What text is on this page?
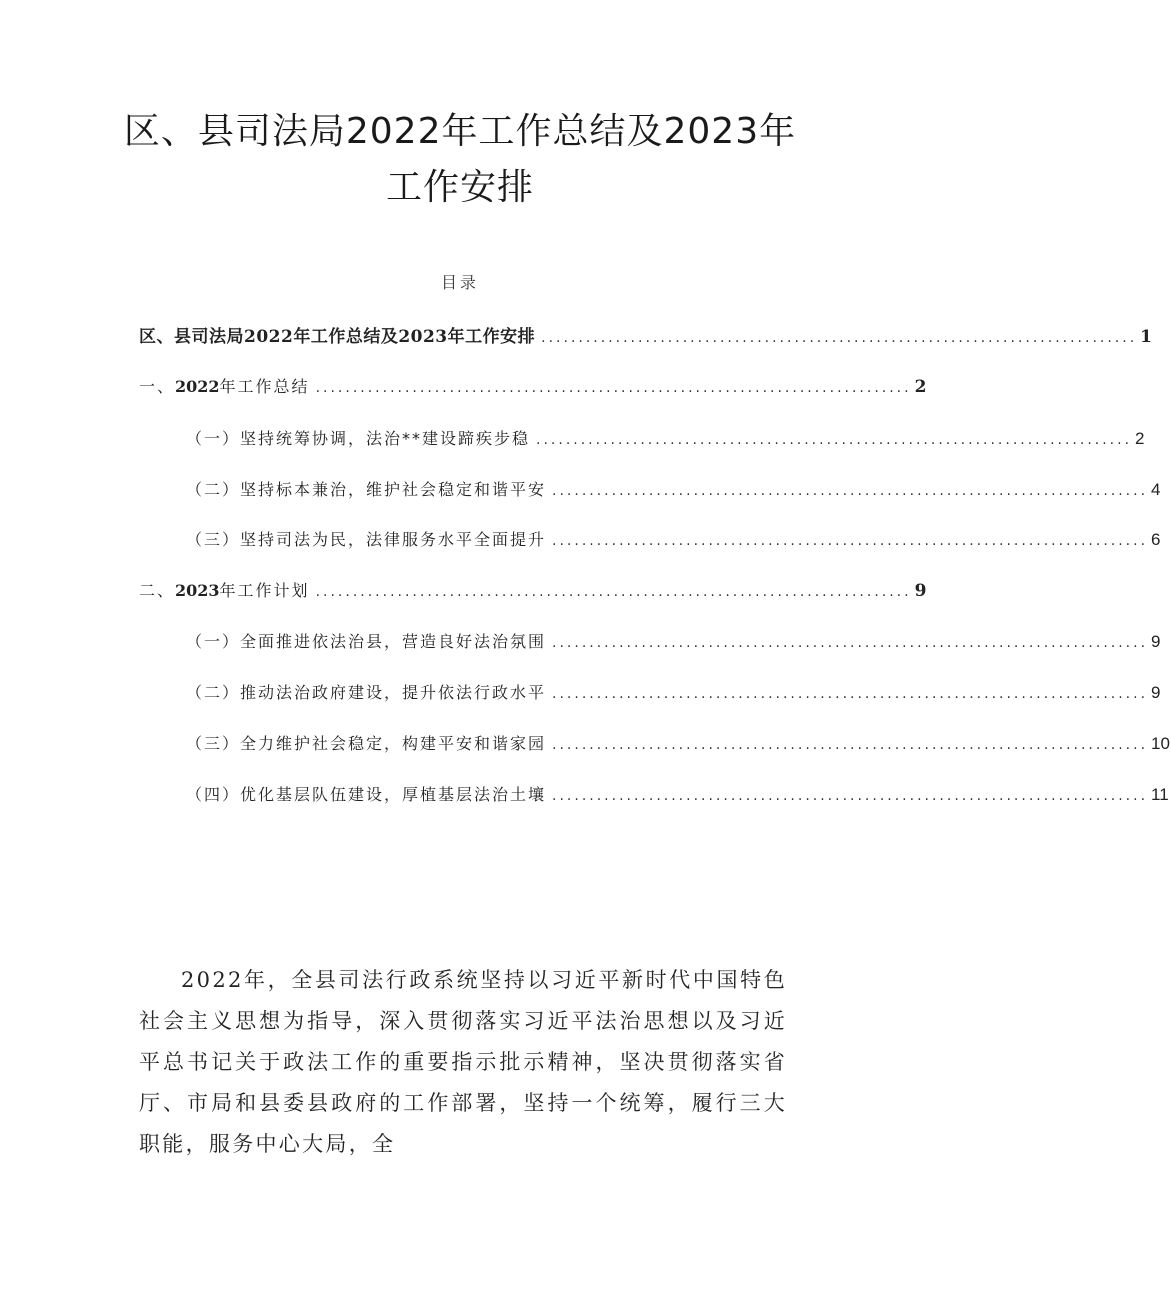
区、县司法局2022年工作总结及2023年工作安排
目录
区、县司法局2022年工作总结及2023年工作安排 ................................................................................ 1
一、2022年工作总结 ................................................................................ 2
（一）坚持统筹协调，法治**建设蹄疾步稳 ................................................................................ 2
（二）坚持标本兼治，维护社会稳定和谐平安 ................................................................................ 4
（三）坚持司法为民，法律服务水平全面提升 ................................................................................ 6
二、2023年工作计划 ................................................................................ 9
（一）全面推进依法治县，营造良好法治氛围 ................................................................................ 9
（二）推动法治政府建设，提升依法行政水平 ................................................................................ 9
（三）全力维护社会稳定，构建平安和谐家园 ................................................................................ 10
（四）优化基层队伍建设，厚植基层法治土壤 ................................................................................ 11

2022年，全县司法行政系统坚持以习近平新时代中国特色社会主义思想为指导，深入贯彻落实习近平法治思想以及习近平总书记关于政法工作的重要指示批示精神，坚决贯彻落实省厅、市局和县委县政府的工作部署，坚持一个统筹，履行三大职能，服务中心大局，全
